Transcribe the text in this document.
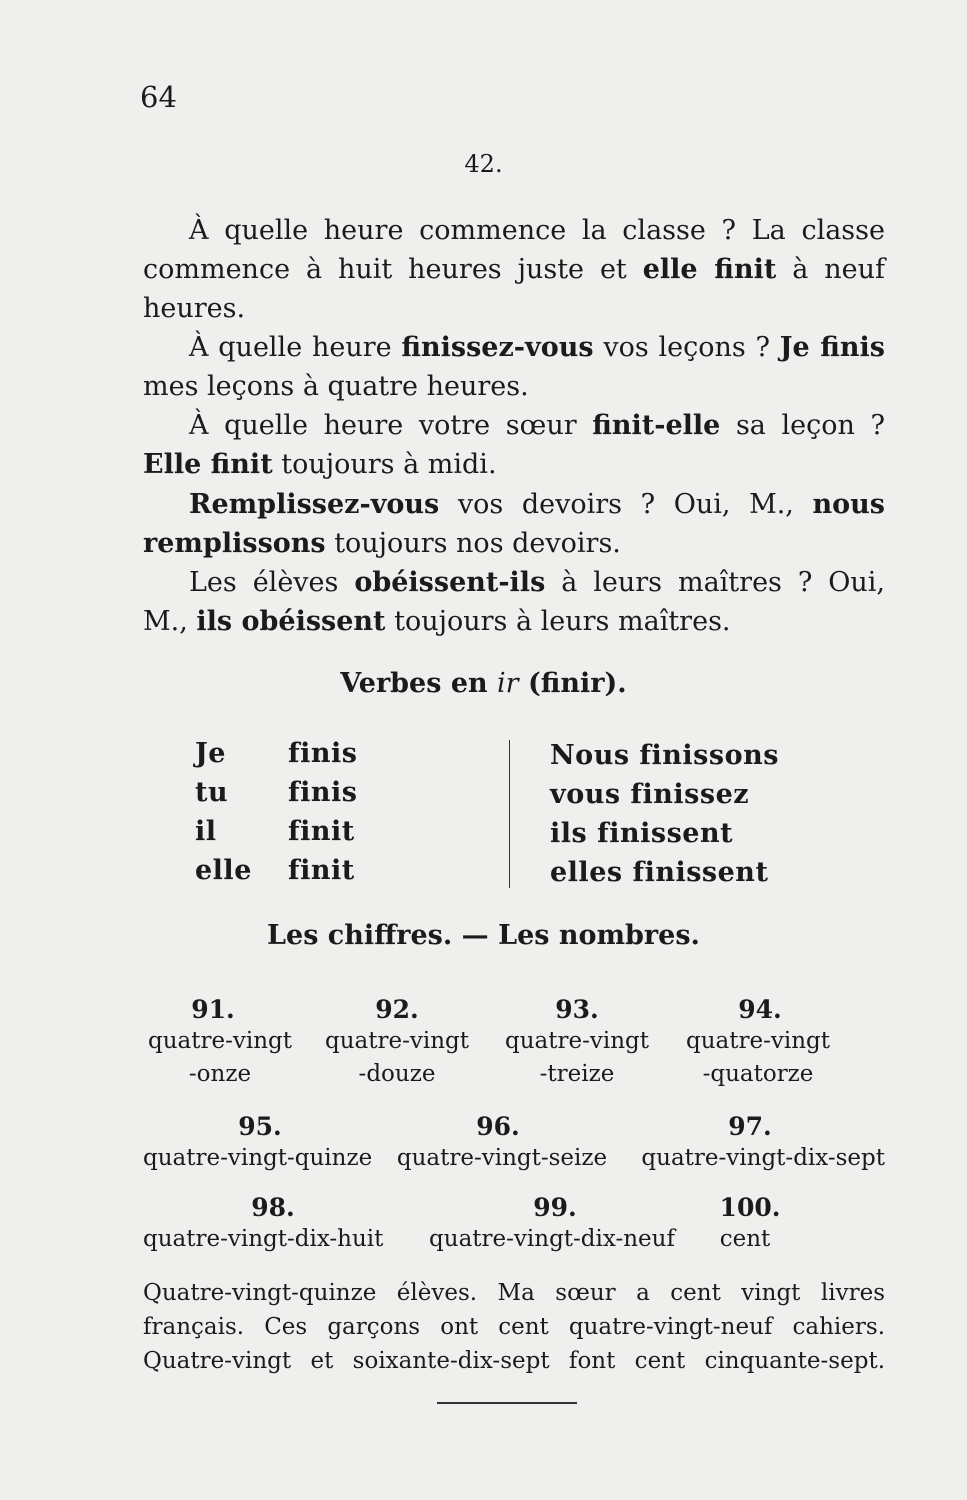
64
42.

À quelle heure commence la classe ? La classe commence à huit heures juste et elle finit à neuf heures.

À quelle heure finissez-vous vos leçons ? Je finis mes leçons à quatre heures.

À quelle heure votre sœur finit-elle sa leçon ? Elle finit toujours à midi.

Remplissez-vous vos devoirs ? Oui, M., nous remplissons toujours nos devoirs.

Les élèves obéissent-ils à leurs maîtres ? Oui, M., ils obéissent toujours à leurs maîtres.

Verbes en ir (finir).
Je finis
tu finis
il	finit
elle finit
Nous finissons
vous finissez
ils finissent
elles finissent
Les chiffres. — Les nombres.
91.
quatre-vingt
-onze
92.
quatre-vingt
-douze
93.
quatre-vingt
-treize
94.
quatre-vingt
-quatorze
95.
quatre-vingt-quinze
96.
quatre-vingt-seize
97.
quatre-vingt-dix-sept
98.
quatre-vingt-dix-huit
99.
quatre-vingt-dix-neuf
100.
cent

Quatre-vingt-quinze élèves. Ma sœur a cent vingt livres

français. Ces garçons ont cent quatre-vingt-neuf cahiers.

Quatre-vingt et soixante-dix-sept font cent cinquante-sept.
